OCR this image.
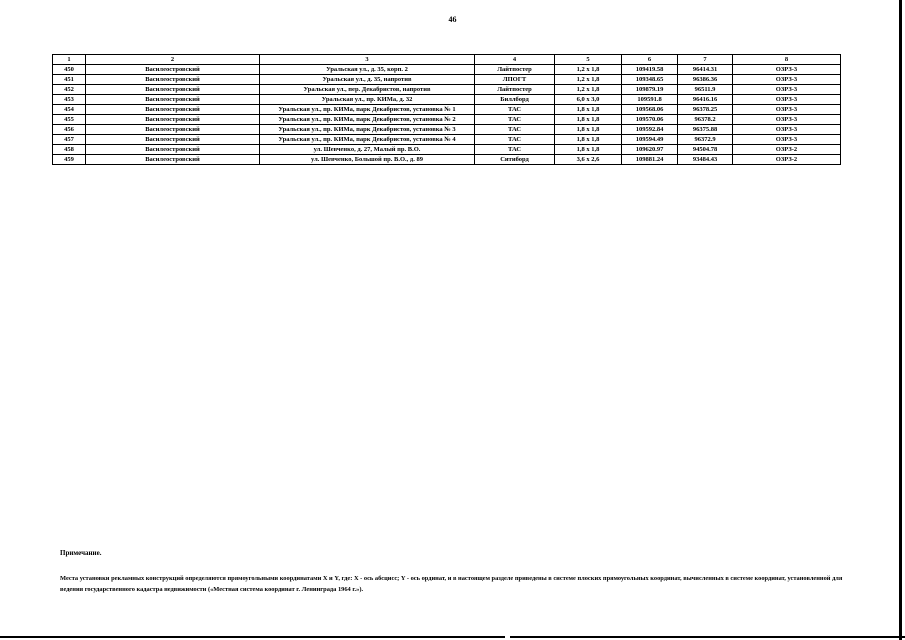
46
1	2	3	4	5	6	7	8
450	Василеостровский	Уральская ул., д. 35, корп. 2	Лайтпостер	1,2 x 1,8	109419.58	96414.31	ОЗРЗ-3
451	Василеостровский	Уральская ул., д. 35, напротив	ЛПОГТ	1,2 x 1,8	109348.65	96386.36	ОЗРЗ-3
452	Василеостровский	Уральская ул., пер. Декабристов, напротив	Лайтпостер	1,2 x 1,8	109879.19	96511.9	ОЗРЗ-3
453	Василеостровский	Уральская ул., пр. КИМа, д. 32	Биллборд	6,0 x 3,0	109591.8	96416.16	ОЗРЗ-3
454	Василеостровский	Уральская ул., пр. КИМа, парк Декабристов, установка № 1	ТАС	1,8 x 1,8	109568.06	96378.25	ОЗРЗ-3
455	Василеостровский	Уральская ул., пр. КИМа, парк Декабристов, установка № 2	ТАС	1,8 x 1,8	109570.06	96378.2	ОЗРЗ-3
456	Василеостровский	Уральская ул., пр. КИМа, парк Декабристов, установка № 3	ТАС	1,8 x 1,8	109592.84	96375.88	ОЗРЗ-3
457	Василеостровский	Уральская ул., пр. КИМа, парк Декабристов, установка № 4	ТАС	1,8 x 1,8	109594.49	96372.9	ОЗРЗ-3
458	Василеостровский	ул. Шевченко, д. 27, Малый пр. В.О.	ТАС	1,8 x 1,8	109620.97	94504.78	ОЗРЗ-2
459	Василеостровский	ул. Шевченко, Большой пр. В.О., д. 89	Ситиборд	3,6 x 2,6	109881.24	93484.43	ОЗРЗ-2
Примечание.
Места установки рекламных конструкций определяются прямоугольными координатами X и Y, где: X - ось абсцисс; Y - ось ординат, и в настоящем разделе приведены в системе плоских прямоугольных координат, вычисленных в системе координат, установленной для ведения государственного кадастра недвижимости («Местная система координат г. Ленинграда 1964 г.»).
